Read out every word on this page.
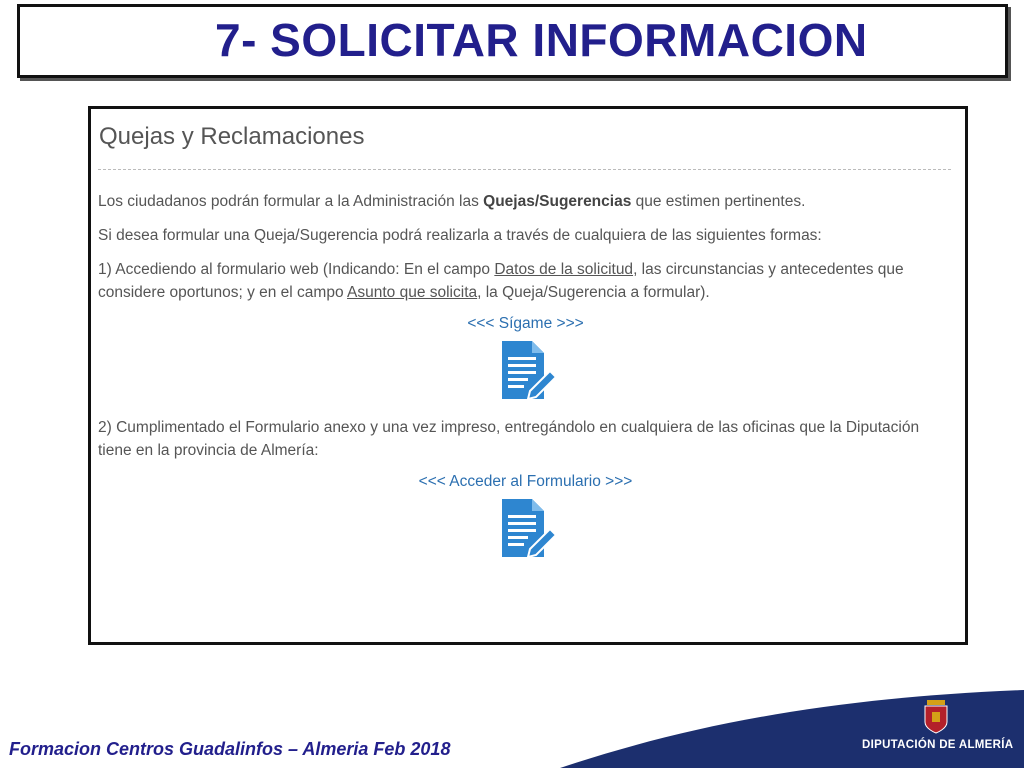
7- SOLICITAR INFORMACION
Quejas y Reclamaciones

Los ciudadanos podrán formular a la Administración las Quejas/Sugerencias que estimen pertinentes.

Si desea formular una Queja/Sugerencia podrá realizarla a través de cualquiera de las siguientes formas:

1) Accediendo al formulario web (Indicando: En el campo Datos de la solicitud, las circunstancias y antecedentes que considere oportunos; y en el campo Asunto que solicita, la Queja/Sugerencia a formular).

<<< Sígame >>>

2) Cumplimentado el Formulario anexo y una vez impreso, entregándolo en cualquiera de las oficinas que la Diputación tiene en la provincia de Almería:

<<< Acceder al Formulario >>>
DIPUTACIÓN DE ALMERÍA
Formacion Centros Guadalinfos – Almeria Feb 2018
